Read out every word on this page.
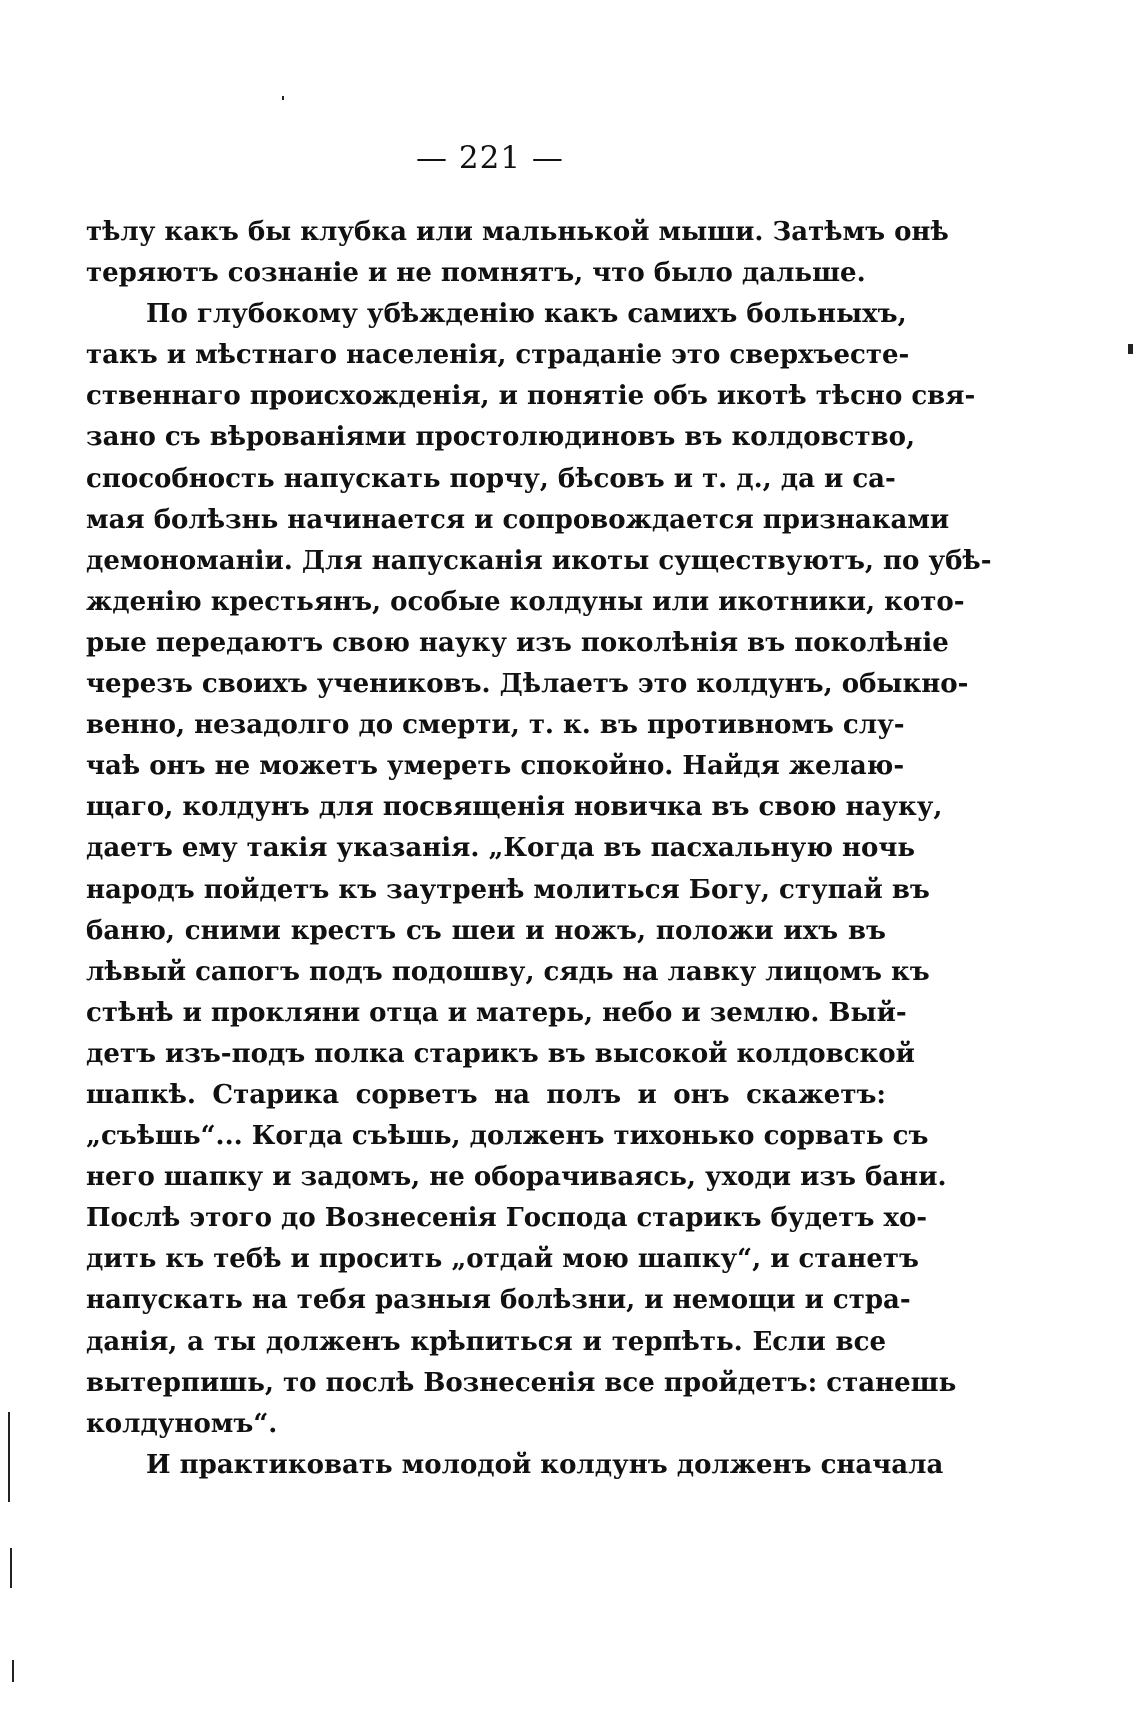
— 221 —
тѣлу какъ бы клубка или мальнькой мыши. Затѣмъ онѣ
теряютъ сознаніе и не помнятъ, что было дальше.
По глубокому убѣжденію какъ самихъ больныхъ,
такъ и мѣстнаго населенія, страданіе это сверхъесте-
ственнаго происхожденія, и понятіе объ икотѣ тѣсно свя-
зано съ вѣрованіями простолюдиновъ въ колдовство,
способность напускать порчу, бѣсовъ и т. д., да и са-
мая болѣзнь начинается и сопровождается признаками
демономаніи. Для напусканія икоты существуютъ, по убѣ-
жденію крестьянъ, особые колдуны или икотники, кото-
рые передаютъ свою науку изъ поколѣнія въ поколѣніе
черезъ своихъ учениковъ. Дѣлаетъ это колдунъ, обыкно-
венно, незадолго до смерти, т. к. въ противномъ слу-
чаѣ онъ не можетъ умереть спокойно. Найдя желаю-
щаго, колдунъ для посвященія новичка въ свою науку,
даетъ ему такія указанія. „Когда въ пасхальную ночь
народъ пойдетъ къ заутренѣ молиться Богу, ступай въ
баню, сними крестъ съ шеи и ножъ, положи ихъ въ
лѣвый сапогъ подъ подошву, сядь на лавку лицомъ къ
стѣнѣ и прокляни отца и матерь, небо и землю. Вый-
детъ изъ-подъ полка старикъ въ высокой колдовской
шапкѣ. Старика сорветъ на полъ и онъ скажетъ:
„съѣшь“... Когда съѣшь, долженъ тихонько сорвать съ
него шапку и задомъ, не оборачиваясь, уходи изъ бани.
Послѣ этого до Вознесенія Господа старикъ будетъ хо-
дить къ тебѣ и просить „отдай мою шапку“, и станетъ
напускать на тебя разныя болѣзни, и немощи и стра-
данія, а ты долженъ крѣпиться и терпѣть. Если все
вытерпишь, то послѣ Вознесенія все пройдетъ: станешь
колдуномъ“.
И практиковать молодой колдунъ долженъ сначала
